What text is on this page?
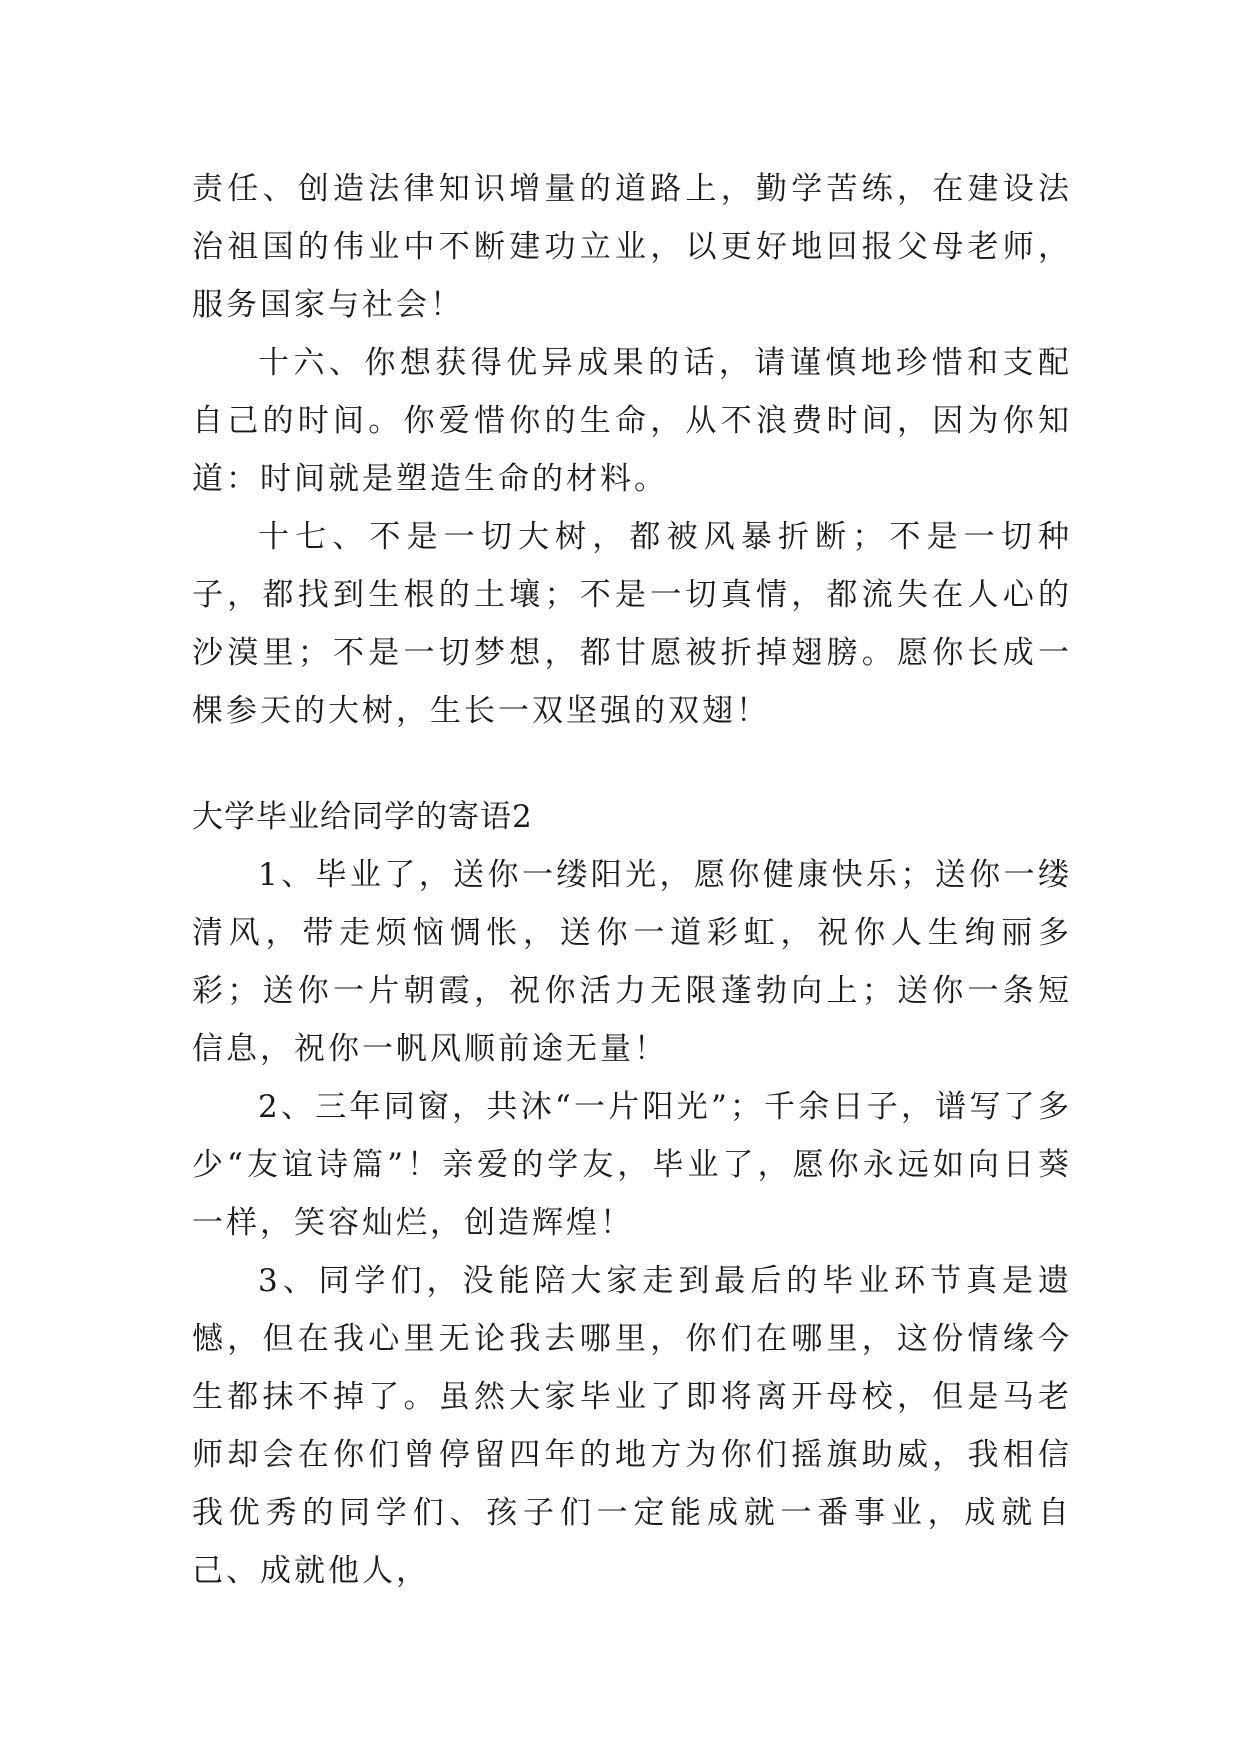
责任、创造法律知识增量的道路上，勤学苦练，在建设法治祖国的伟业中不断建功立业，以更好地回报父母老师，服务国家与社会！

十六、你想获得优异成果的话，请谨慎地珍惜和支配自己的时间。你爱惜你的生命，从不浪费时间，因为你知道：时间就是塑造生命的材料。

十七、不是一切大树，都被风暴折断；不是一切种子，都找到生根的土壤；不是一切真情，都流失在人心的沙漠里；不是一切梦想，都甘愿被折掉翅膀。愿你长成一棵参天的大树，生长一双坚强的双翅！

大学毕业给同学的寄语2

1、毕业了，送你一缕阳光，愿你健康快乐；送你一缕清风，带走烦恼惆怅，送你一道彩虹，祝你人生绚丽多彩；送你一片朝霞，祝你活力无限蓬勃向上；送你一条短信息，祝你一帆风顺前途无量！

2、三年同窗，共沐“一片阳光”；千余日子，谱写了多少“友谊诗篇”！亲爱的学友，毕业了，愿你永远如向日葵一样，笑容灿烂，创造辉煌！

3、同学们，没能陪大家走到最后的毕业环节真是遗憾，但在我心里无论我去哪里，你们在哪里，这份情缘今生都抹不掉了。虽然大家毕业了即将离开母校，但是马老师却会在你们曾停留四年的地方为你们摇旗助威，我相信我优秀的同学们、孩子们一定能成就一番事业，成就自己、成就他人，
